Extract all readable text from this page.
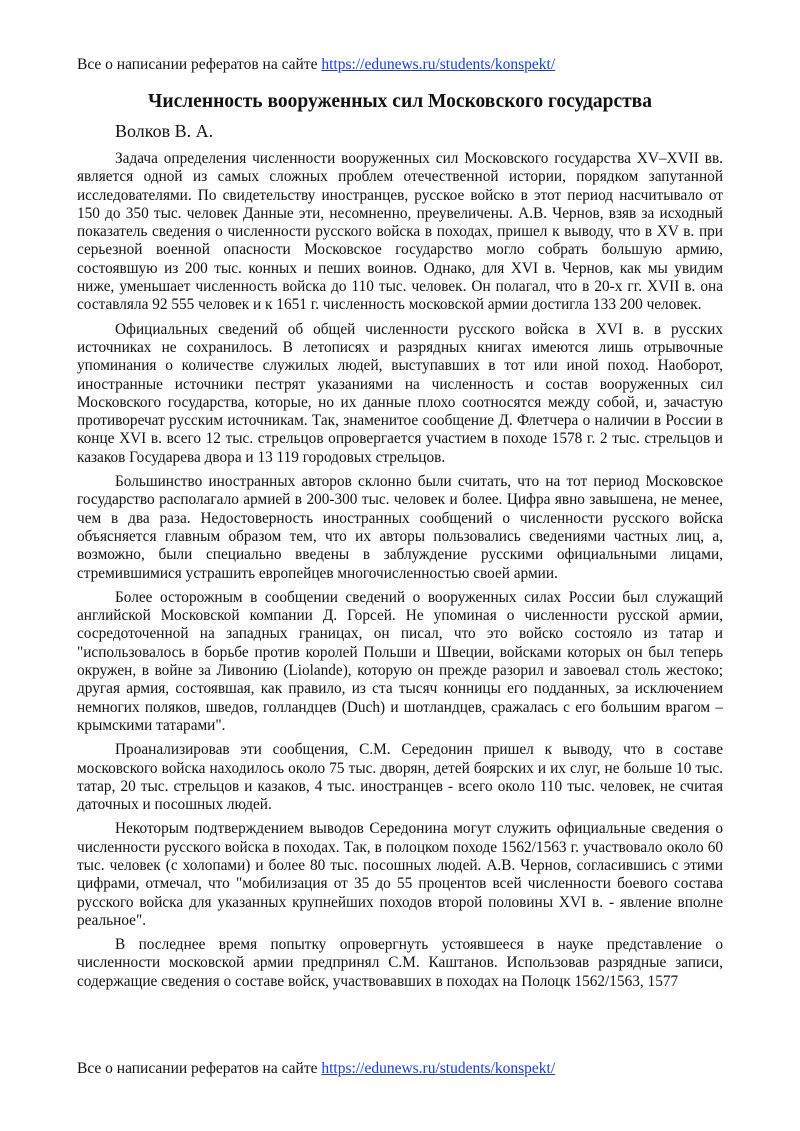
Все о написании рефератов на сайте https://edunews.ru/students/konspekt/
Численность вооруженных сил Московского государства

Волков В. А.

Задача определения численности вооруженных сил Московского государства XV–XVII вв. является одной из самых сложных проблем отечественной истории, порядком запутанной исследователями. По свидетельству иностранцев, русское войско в этот период насчитывало от 150 до 350 тыс. человек Данные эти, несомненно, преувеличены. А.В. Чернов, взяв за исходный показатель сведения о численности русского войска в походах, пришел к выводу, что в XV в. при серьезной военной опасности Московское государство могло собрать большую армию, состоявшую из 200 тыс. конных и пеших воинов. Однако, для XVI в. Чернов, как мы увидим ниже, уменьшает численность войска до 110 тыс. человек. Он полагал, что в 20-х гг. XVII в. она составляла 92 555 человек и к 1651 г. численность московской армии достигла 133 200 человек.

Официальных сведений об общей численности русского войска в XVI в. в русских источниках не сохранилось. В летописях и разрядных книгах имеются лишь отрывочные упоминания о количестве служилых людей, выступавших в тот или иной поход. Наоборот, иностранные источники пестрят указаниями на численность и состав вооруженных сил Московского государства, которые, но их данные плохо соотносятся между собой, и, зачастую противоречат русским источникам. Так, знаменитое сообщение Д. Флетчера о наличии в России в конце XVI в. всего 12 тыс. стрельцов опровергается участием в походе 1578 г. 2 тыс. стрельцов и казаков Государева двора и 13 119 городовых стрельцов.

Большинство иностранных авторов склонно были считать, что на тот период Московское государство располагало армией в 200-300 тыс. человек и более. Цифра явно завышена, не менее, чем в два раза. Недостоверность иностранных сообщений о численности русского войска объясняется главным образом тем, что их авторы пользовались сведениями частных лиц, а, возможно, были специально введены в заблуждение русскими официальными лицами, стремившимися устрашить европейцев многочисленностью своей армии.

Более осторожным в сообщении сведений о вооруженных силах России был служащий английской Московской компании Д. Горсей. Не упоминая о численности русской армии, сосредоточенной на западных границах, он писал, что это войско состояло из татар и "использовалось в борьбе против королей Польши и Швеции, войсками которых он был теперь окружен, в войне за Ливонию (Liolande), которую он прежде разорил и завоевал столь жестоко; другая армия, состоявшая, как правило, из ста тысяч конницы его подданных, за исключением немногих поляков, шведов, голландцев (Duch) и шотландцев, сражалась с его большим врагом – крымскими татарами".

Проанализировав эти сообщения, С.М. Середонин пришел к выводу, что в составе московского войска находилось около 75 тыс. дворян, детей боярских и их слуг, не больше 10 тыс. татар, 20 тыс. стрельцов и казаков, 4 тыс. иностранцев - всего около 110 тыс. человек, не считая даточных и посошных людей.

Некоторым подтверждением выводов Середонина могут служить официальные сведения о численности русского войска в походах. Так, в полоцком походе 1562/1563 г. участвовало около 60 тыс. человек (с холопами) и более 80 тыс. посошных людей. А.В. Чернов, согласившись с этими цифрами, отмечал, что "мобилизация от 35 до 55 процентов всей численности боевого состава русского войска для указанных крупнейших походов второй половины XVI в. - явление вполне реальное".

В последнее время попытку опровергнуть устоявшееся в науке представление о численности московской армии предпринял С.М. Каштанов. Использовав разрядные записи, содержащие сведения о составе войск, участвовавших в походах на Полоцк 1562/1563, 1577

Все о написании рефератов на сайте https://edunews.ru/students/konspekt/
